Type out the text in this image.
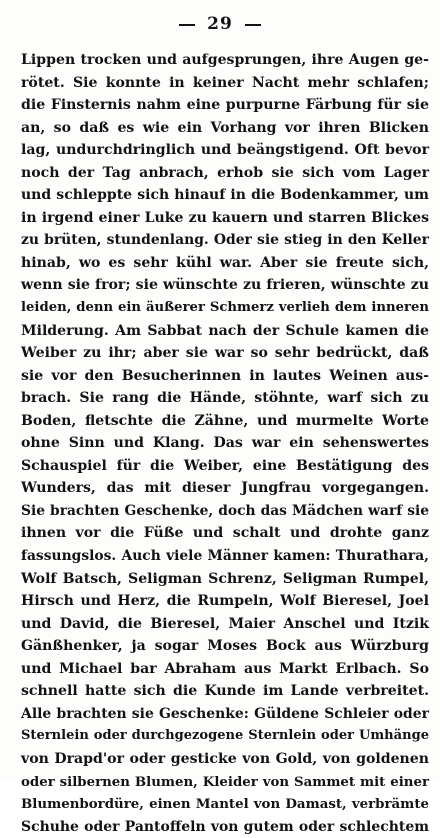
29
Lippen trocken und aufgesprungen, ihre Augen ge-
rötet. Sie konnte in keiner Nacht mehr schlafen;
die Finsternis nahm eine purpurne Färbung für sie
an, so daß es wie ein Vorhang vor ihren Blicken
lag, undurchdringlich und beängstigend. Oft bevor
noch der Tag anbrach, erhob sie sich vom Lager
und schleppte sich hinauf in die Bodenkammer, um
in irgend einer Luke zu kauern und starren Blickes
zu brüten, stundenlang. Oder sie stieg in den Keller
hinab, wo es sehr kühl war. Aber sie freute sich,
wenn sie fror; sie wünschte zu frieren, wünschte zu
leiden, denn ein äußerer Schmerz verlieh dem inneren
Milderung. Am Sabbat nach der Schule kamen die
Weiber zu ihr; aber sie war so sehr bedrückt, daß
sie vor den Besucherinnen in lautes Weinen aus-
brach. Sie rang die Hände, stöhnte, warf sich zu
Boden, fletschte die Zähne, und murmelte Worte
ohne Sinn und Klang. Das war ein sehenswertes
Schauspiel für die Weiber, eine Bestätigung des
Wunders, das mit dieser Jungfrau vorgegangen.
Sie brachten Geschenke, doch das Mädchen warf sie
ihnen vor die Füße und schalt und drohte ganz
fassungslos. Auch viele Männer kamen: Thurathara,
Wolf Batsch, Seligman Schrenz, Seligman Rumpel,
Hirsch und Herz, die Rumpeln, Wolf Bieresel, Joel
und David, die Bieresel, Maier Anschel und Itzik
Gänßhenker, ja sogar Moses Bock aus Würzburg
und Michael bar Abraham aus Markt Erlbach. So
schnell hatte sich die Kunde im Lande verbreitet.
Alle brachten sie Geschenke: Güldene Schleier oder
Sternlein oder durchgezogene Sternlein oder Umhänge
von Drapd'or oder gesticke von Gold, von goldenen
oder silbernen Blumen, Kleider von Sammet mit einer
Blumenbordüre, einen Mantel von Damast, verbrämte
Schuhe oder Pantoffeln von gutem oder schlechtem
